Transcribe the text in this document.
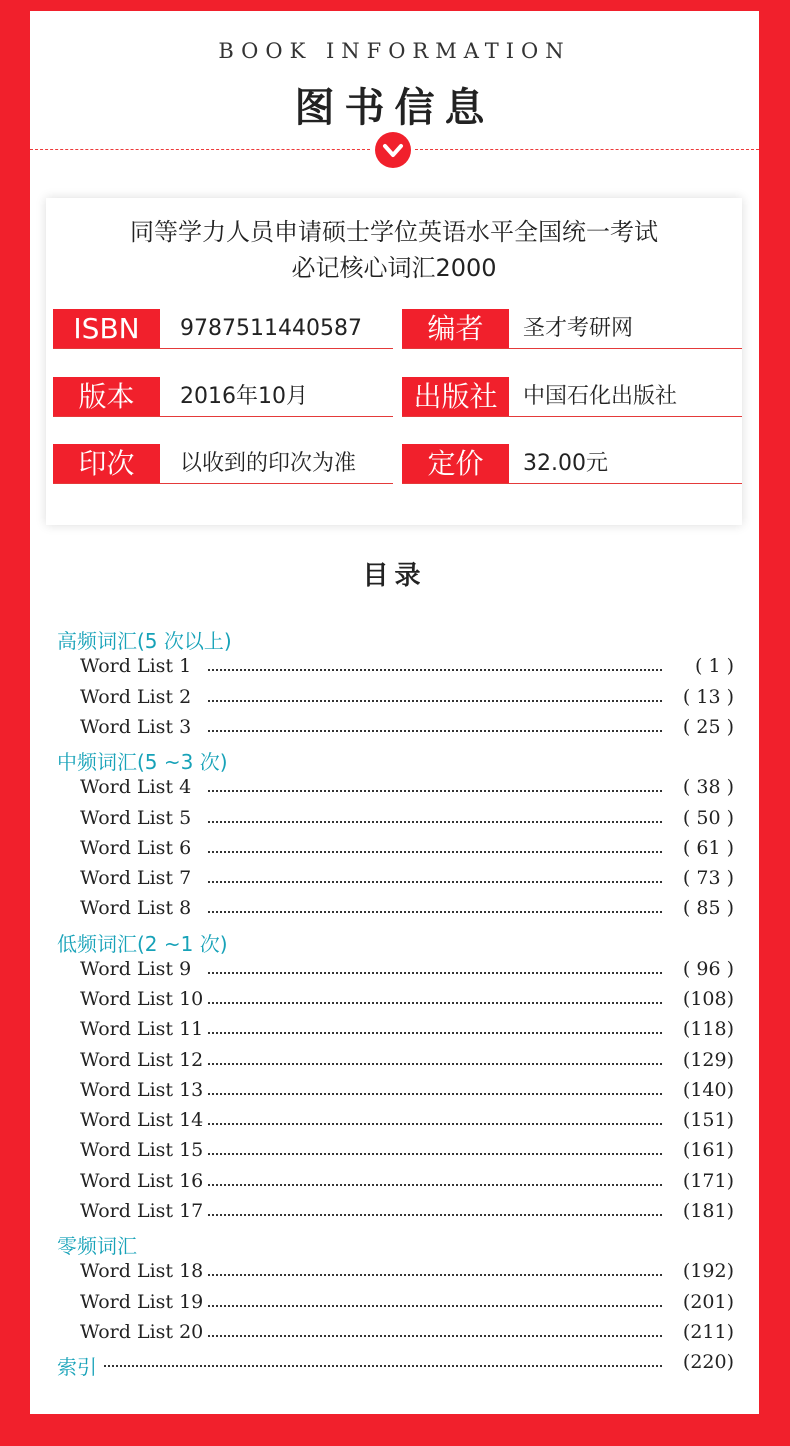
BOOK INFORMATION
图书信息
同等学力人员申请硕士学位英语水平全国统一考试
必记核心词汇2000
ISBN	9787511440587	编者	圣才考研网
版本	2016年10月	出版社	中国石化出版社
印次	以收到的印次为准	定价	32.00元
目录
高频词汇(5 次以上)
Word List 1	( 1 )
Word List 2	( 13 )
Word List 3	( 25 )
中频词汇(5 ~3 次)
Word List 4	( 38 )
Word List 5	( 50 )
Word List 6	( 61 )
Word List 7	( 73 )
Word List 8	( 85 )
低频词汇(2 ~1 次)
Word List 9	( 96 )
Word List 10	(108)
Word List 11	(118)
Word List 12	(129)
Word List 13	(140)
Word List 14	(151)
Word List 15	(161)
Word List 16	(171)
Word List 17	(181)
零频词汇
Word List 18	(192)
Word List 19	(201)
Word List 20	(211)
索引	(220)
